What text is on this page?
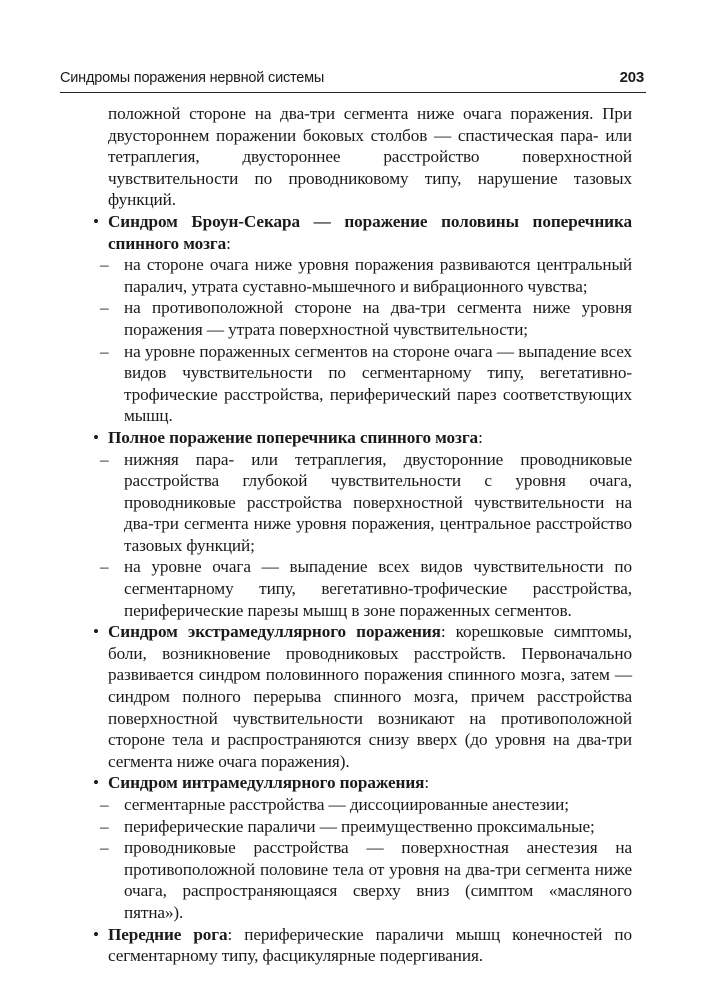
Синдромы поражения нервной системы	203

положной стороне на два-три сегмента ниже очага поражения. При двустороннем поражении боковых столбов — спастическая пара- или тетраплегия, двустороннее расстройство поверхностной чувствительности по проводниковому типу, нарушение тазовых функций.

• Синдром Броун-Секара — поражение половины поперечника спинного мозга:

– на стороне очага ниже уровня поражения развиваются центральный паралич, утрата суставно-мышечного и вибрационного чувства;

– на противоположной стороне на два-три сегмента ниже уровня поражения — утрата поверхностной чувствительности;

– на уровне пораженных сегментов на стороне очага — выпадение всех видов чувствительности по сегментарному типу, вегетативно-трофические расстройства, периферический парез соответствующих мышц.

• Полное поражение поперечника спинного мозга:

– нижняя пара- или тетраплегия, двусторонние проводниковые расстройства глубокой чувствительности с уровня очага, проводниковые расстройства поверхностной чувствительности на два-три сегмента ниже уровня поражения, центральное расстройство тазовых функций;

– на уровне очага — выпадение всех видов чувствительности по сегментарному типу, вегетативно-трофические расстройства, периферические парезы мышц в зоне пораженных сегментов.

• Синдром экстрамедуллярного поражения: корешковые симптомы, боли, возникновение проводниковых расстройств. Первоначально развивается синдром половинного поражения спинного мозга, затем — синдром полного перерыва спинного мозга, причем расстройства поверхностной чувствительности возникают на противоположной стороне тела и распространяются снизу вверх (до уровня на два-три сегмента ниже очага поражения).

• Синдром интрамедуллярного поражения:

– сегментарные расстройства — диссоциированные анестезии;

– периферические параличи — преимущественно проксимальные;

– проводниковые расстройства — поверхностная анестезия на противоположной половине тела от уровня на два-три сегмента ниже очага, распространяющаяся сверху вниз (симптом «масляного пятна»).

• Передние рога: периферические параличи мышц конечностей по сегментарному типу, фасцикулярные подергивания.
